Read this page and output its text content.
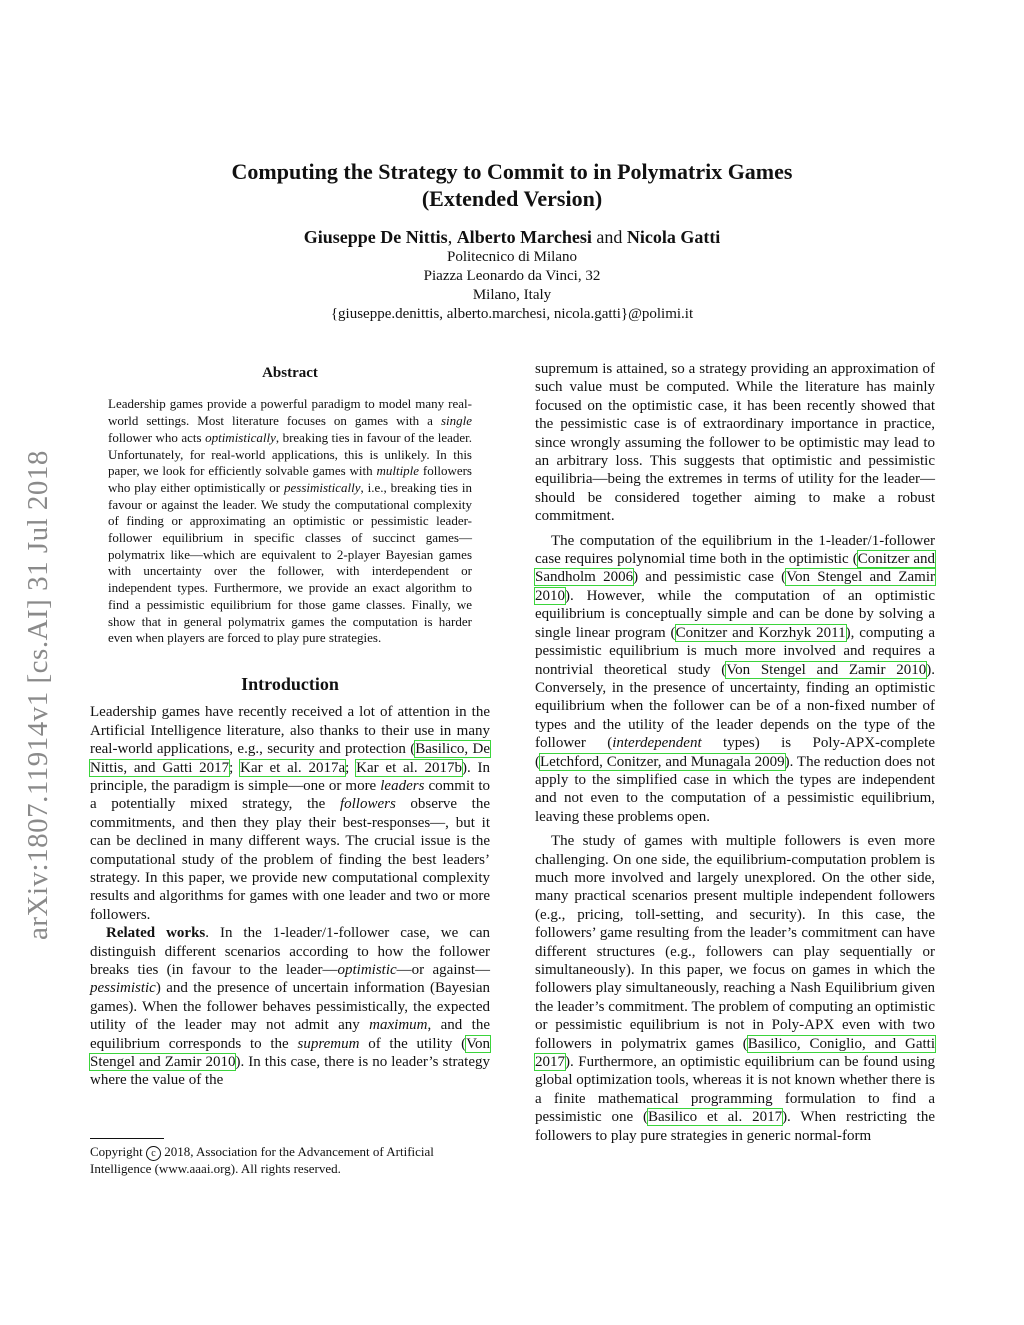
arXiv:1807.11914v1 [cs.AI] 31 Jul 2018
Computing the Strategy to Commit to in Polymatrix Games
(Extended Version)
Giuseppe De Nittis, Alberto Marchesi and Nicola Gatti
Politecnico di Milano
Piazza Leonardo da Vinci, 32
Milano, Italy
{giuseppe.denittis, alberto.marchesi, nicola.gatti}@polimi.it
Abstract
Leadership games provide a powerful paradigm to model many real-world settings. Most literature focuses on games with a single follower who acts optimistically, breaking ties in favour of the leader. Unfortunately, for real-world applications, this is unlikely. In this paper, we look for efficiently solvable games with multiple followers who play either optimistically or pessimistically, i.e., breaking ties in favour or against the leader. We study the computational complexity of finding or approximating an optimistic or pessimistic leader-follower equilibrium in specific classes of succinct games—polymatrix like—which are equivalent to 2-player Bayesian games with uncertainty over the follower, with interdependent or independent types. Furthermore, we provide an exact algorithm to find a pessimistic equilibrium for those game classes. Finally, we show that in general polymatrix games the computation is harder even when players are forced to play pure strategies.
Introduction

Leadership games have recently received a lot of attention in the Artificial Intelligence literature, also thanks to their use in many real-world applications, e.g., security and protection (Basilico, De Nittis, and Gatti 2017; Kar et al. 2017a; Kar et al. 2017b). In principle, the paradigm is simple—one or more leaders commit to a potentially mixed strategy, the followers observe the commitments, and then they play their best-responses—, but it can be declined in many different ways. The crucial issue is the computational study of the problem of finding the best leaders’ strategy. In this paper, we provide new computational complexity results and algorithms for games with one leader and two or more followers.

Related works. In the 1-leader/1-follower case, we can distinguish different scenarios according to how the follower breaks ties (in favour to the leader—optimistic—or against—pessimistic) and the presence of uncertain information (Bayesian games). When the follower behaves pessimistically, the expected utility of the leader may not admit any maximum, and the equilibrium corresponds to the supremum of the utility (Von Stengel and Zamir 2010). In this case, there is no leader’s strategy where the value of the

Copyright c 2018, Association for the Advancement of Artificial Intelligence (www.aaai.org). All rights reserved.

supremum is attained, so a strategy providing an approximation of such value must be computed. While the literature has mainly focused on the optimistic case, it has been recently showed that the pessimistic case is of extraordinary importance in practice, since wrongly assuming the follower to be optimistic may lead to an arbitrary loss. This suggests that optimistic and pessimistic equilibria—being the extremes in terms of utility for the leader—should be considered together aiming to make a robust commitment.

The computation of the equilibrium in the 1-leader/1-follower case requires polynomial time both in the optimistic (Conitzer and Sandholm 2006) and pessimistic case (Von Stengel and Zamir 2010). However, while the computation of an optimistic equilibrium is conceptually simple and can be done by solving a single linear program (Conitzer and Korzhyk 2011), computing a pessimistic equilibrium is much more involved and requires a nontrivial theoretical study (Von Stengel and Zamir 2010). Conversely, in the presence of uncertainty, finding an optimistic equilibrium when the follower can be of a non-fixed number of types and the utility of the leader depends on the type of the follower (interdependent types) is Poly-APX-complete (Letchford, Conitzer, and Munagala 2009). The reduction does not apply to the simplified case in which the types are independent and not even to the computation of a pessimistic equilibrium, leaving these problems open.

The study of games with multiple followers is even more challenging. On one side, the equilibrium-computation problem is much more involved and largely unexplored. On the other side, many practical scenarios present multiple independent followers (e.g., pricing, toll-setting, and security). In this case, the followers’ game resulting from the leader’s commitment can have different structures (e.g., followers can play sequentially or simultaneously). In this paper, we focus on games in which the followers play simultaneously, reaching a Nash Equilibrium given the leader’s commitment. The problem of computing an optimistic or pessimistic equilibrium is not in Poly-APX even with two followers in polymatrix games (Basilico, Coniglio, and Gatti 2017). Furthermore, an optimistic equilibrium can be found using global optimization tools, whereas it is not known whether there is a finite mathematical programming formulation to find a pessimistic one (Basilico et al. 2017). When restricting the followers to play pure strategies in generic normal-form
